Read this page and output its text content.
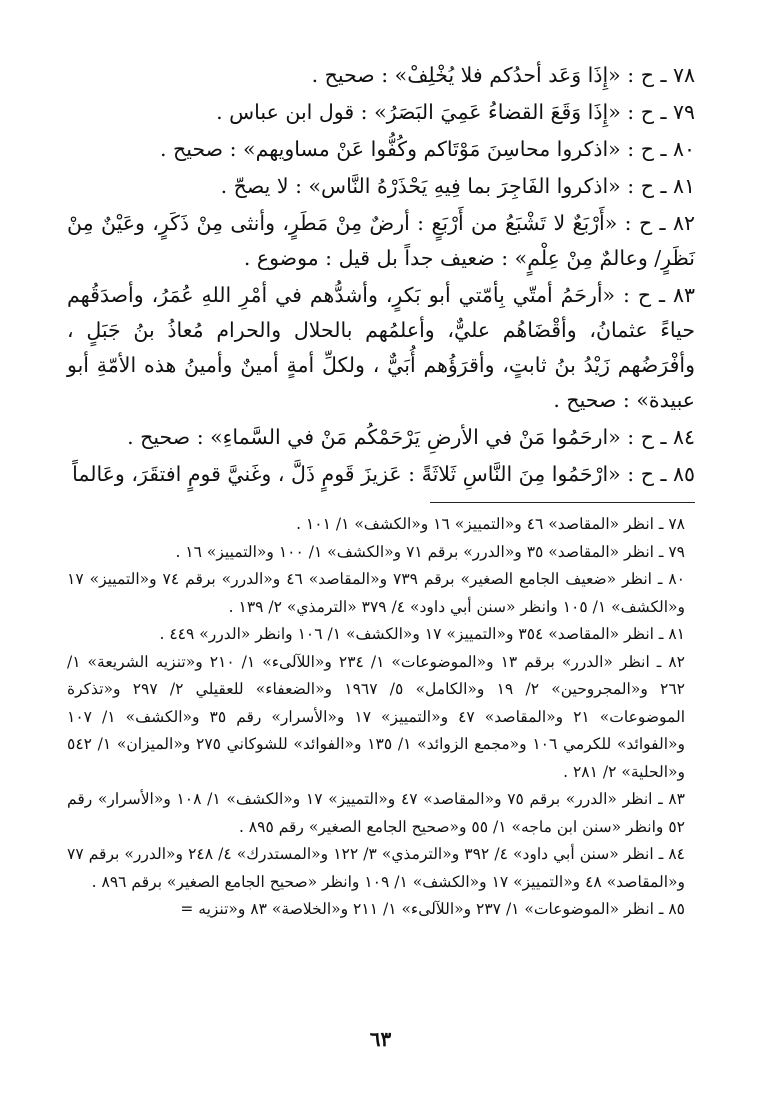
٧٨ ـ ح : «إِذَا وَعَد أحدُكم فلا يُخْلِفْ» : صحيح .

٧٩ ـ ح : «إِذَا وَقَعَ القضاءُ عَمِيَ البَصَرُ» : قول ابن عباس .

٨٠ ـ ح : «اذكروا محاسِنَ مَوْتَاكم وكُفُّوا عَنْ مساويهم» : صحيح .

٨١ ـ ح : «اذكروا الفَاجِرَ بما فِيهِ يَحْذَرْهُ النَّاس» : لا يصحّ .

٨٢ ـ ح : «أَرْبَعٌ لا تَشْبَعُ من أَرْبَعٍ : أرضٌ مِنْ مَطَرٍ، وأنثى مِنْ ذَكَرٍ، وعَيْنٌ مِنْ نَظَرٍ/ وعالمٌ مِنْ عِلْمٍ» : ضعيف جداً بل قيل : موضوع .

٨٣ ـ ح : «أرحَمُ أمتّي بِأمّتي أبو بَكرٍ، وأشدُّهم في أمْرِ اللهِ عُمَرُ، وأصدَقُهم حياءً عثمانُ، وأقْضَاهُم عليٌّ، وأعلمُهم بالحلال والحرام مُعاذُ بنُ جَبَلٍ ، وأفْرَضُهم زَيْدُ بنُ ثابتٍ، وأقرَؤُهم أُبَيٌّ ، ولكلِّ أمةٍ أمينٌ وأمينُ هذه الأمّةِ أبو عبيدة» : صحيح .

٨٤ ـ ح : «ارحَمُوا مَنْ في الأرضِ يَرْحَمْكُم مَنْ في السَّماءِ» : صحيح .

٨٥ ـ ح : «ارْحَمُوا مِنَ النَّاسِ ثَلاثَةً : عَزيزَ قَومٍ ذَلَّ ، وغَنيَّ قومٍ افتقَرَ، وعَالماً

٧٨ ـ انظر «المقاصد» ٤٦ و«التمييز» ١٦ و«الكشف» ١/ ١٠١ .

٧٩ ـ انظر «المقاصد» ٣٥ و«الدرر» برقم ٧١ و«الكشف» ١/ ١٠٠ و«التمييز» ١٦ .

٨٠ ـ انظر «ضعيف الجامع الصغير» برقم ٧٣٩ و«المقاصد» ٤٦ و«الدرر» برقم ٧٤ و«التمييز» ١٧ و«الكشف» ١/ ١٠٥ وانظر «سنن أبي داود» ٤/ ٣٧٩ «الترمذي» ٢/ ١٣٩ .

٨١ ـ انظر «المقاصد» ٣٥٤ و«التمييز» ١٧ و«الكشف» ١/ ١٠٦ وانظر «الدرر» ٤٤٩ .

٨٢ ـ انظر «الدرر» برقم ١٣ و«الموضوعات» ١/ ٢٣٤ و«اللآلىء» ١/ ٢١٠ و«تنزيه الشريعة» ١/ ٢٦٢ و«المجروحين» ٢/ ١٩ و«الكامل» ٥/ ١٩٦٧ و«الضعفاء» للعقيلي ٢/ ٢٩٧ و«تذكرة الموضوعات» ٢١ و«المقاصد» ٤٧ و«التمييز» ١٧ و«الأسرار» رقم ٣٥ و«الكشف» ١/ ١٠٧ و«الفوائد» للكرمي ١٠٦ و«مجمع الزوائد» ١/ ١٣٥ و«الفوائد» للشوكاني ٢٧٥ و«الميزان» ١/ ٥٤٢ و«الحلية» ٢/ ٢٨١ .

٨٣ ـ انظر «الدرر» برقم ٧٥ و«المقاصد» ٤٧ و«التمييز» ١٧ و«الكشف» ١/ ١٠٨ و«الأسرار» رقم ٥٢ وانظر «سنن ابن ماجه» ١/ ٥٥ و«صحيح الجامع الصغير» رقم ٨٩٥ .

٨٤ ـ انظر «سنن أبي داود» ٤/ ٣٩٢ و«الترمذي» ٣/ ١٢٢ و«المستدرك» ٤/ ٢٤٨ و«الدرر» برقم ٧٧ و«المقاصد» ٤٨ و«التمييز» ١٧ و«الكشف» ١/ ١٠٩ وانظر «صحيح الجامع الصغير» برقم ٨٩٦ .

٨٥ ـ انظر «الموضوعات» ١/ ٢٣٧ و«اللآلىء» ١/ ٢١١ و«الخلاصة» ٨٣ و«تنزيه =

٦٣
